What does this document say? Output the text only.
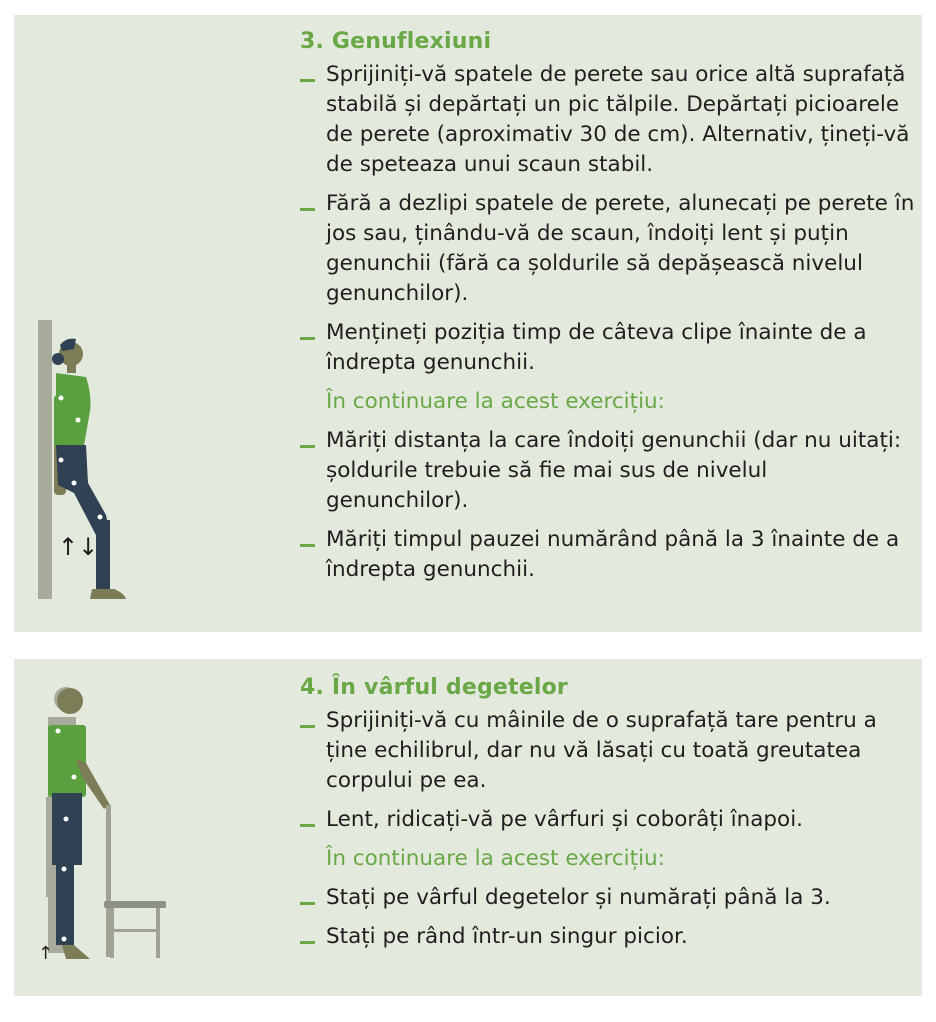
↑↓
3. Genuflexiuni
Sprijiniți-vă spatele de perete sau orice altă suprafață stabilă și depărtați un pic tălpile. Depărtați picioarele de perete (aproximativ 30 de cm). Alternativ, țineți-vă de speteaza unui scaun stabil.
Fără a dezlipi spatele de perete, alunecați pe perete în jos sau, ținându-vă de scaun, îndoiți lent și puțin genunchii (fără ca șoldurile să depășească nivelul genunchilor).
Mențineți poziția timp de câteva clipe înainte de a îndrepta genunchii.

În continuare la acest exercițiu:

Măriți distanța la care îndoiți genunchii (dar nu uitați: șoldurile trebuie să fie mai sus de nivelul genunchilor).
Măriți timpul pauzei numărând până la 3 înainte de a îndrepta genunchii.
↑
4. În vârful degetelor
Sprijiniți-vă cu mâinile de o suprafață tare pentru a ține echilibrul, dar nu vă lăsați cu toată greutatea corpului pe ea.
Lent, ridicați-vă pe vârfuri și coborâți înapoi.

În continuare la acest exercițiu:

Stați pe vârful degetelor și numărați până la 3.
Stați pe rând într-un singur picior.
